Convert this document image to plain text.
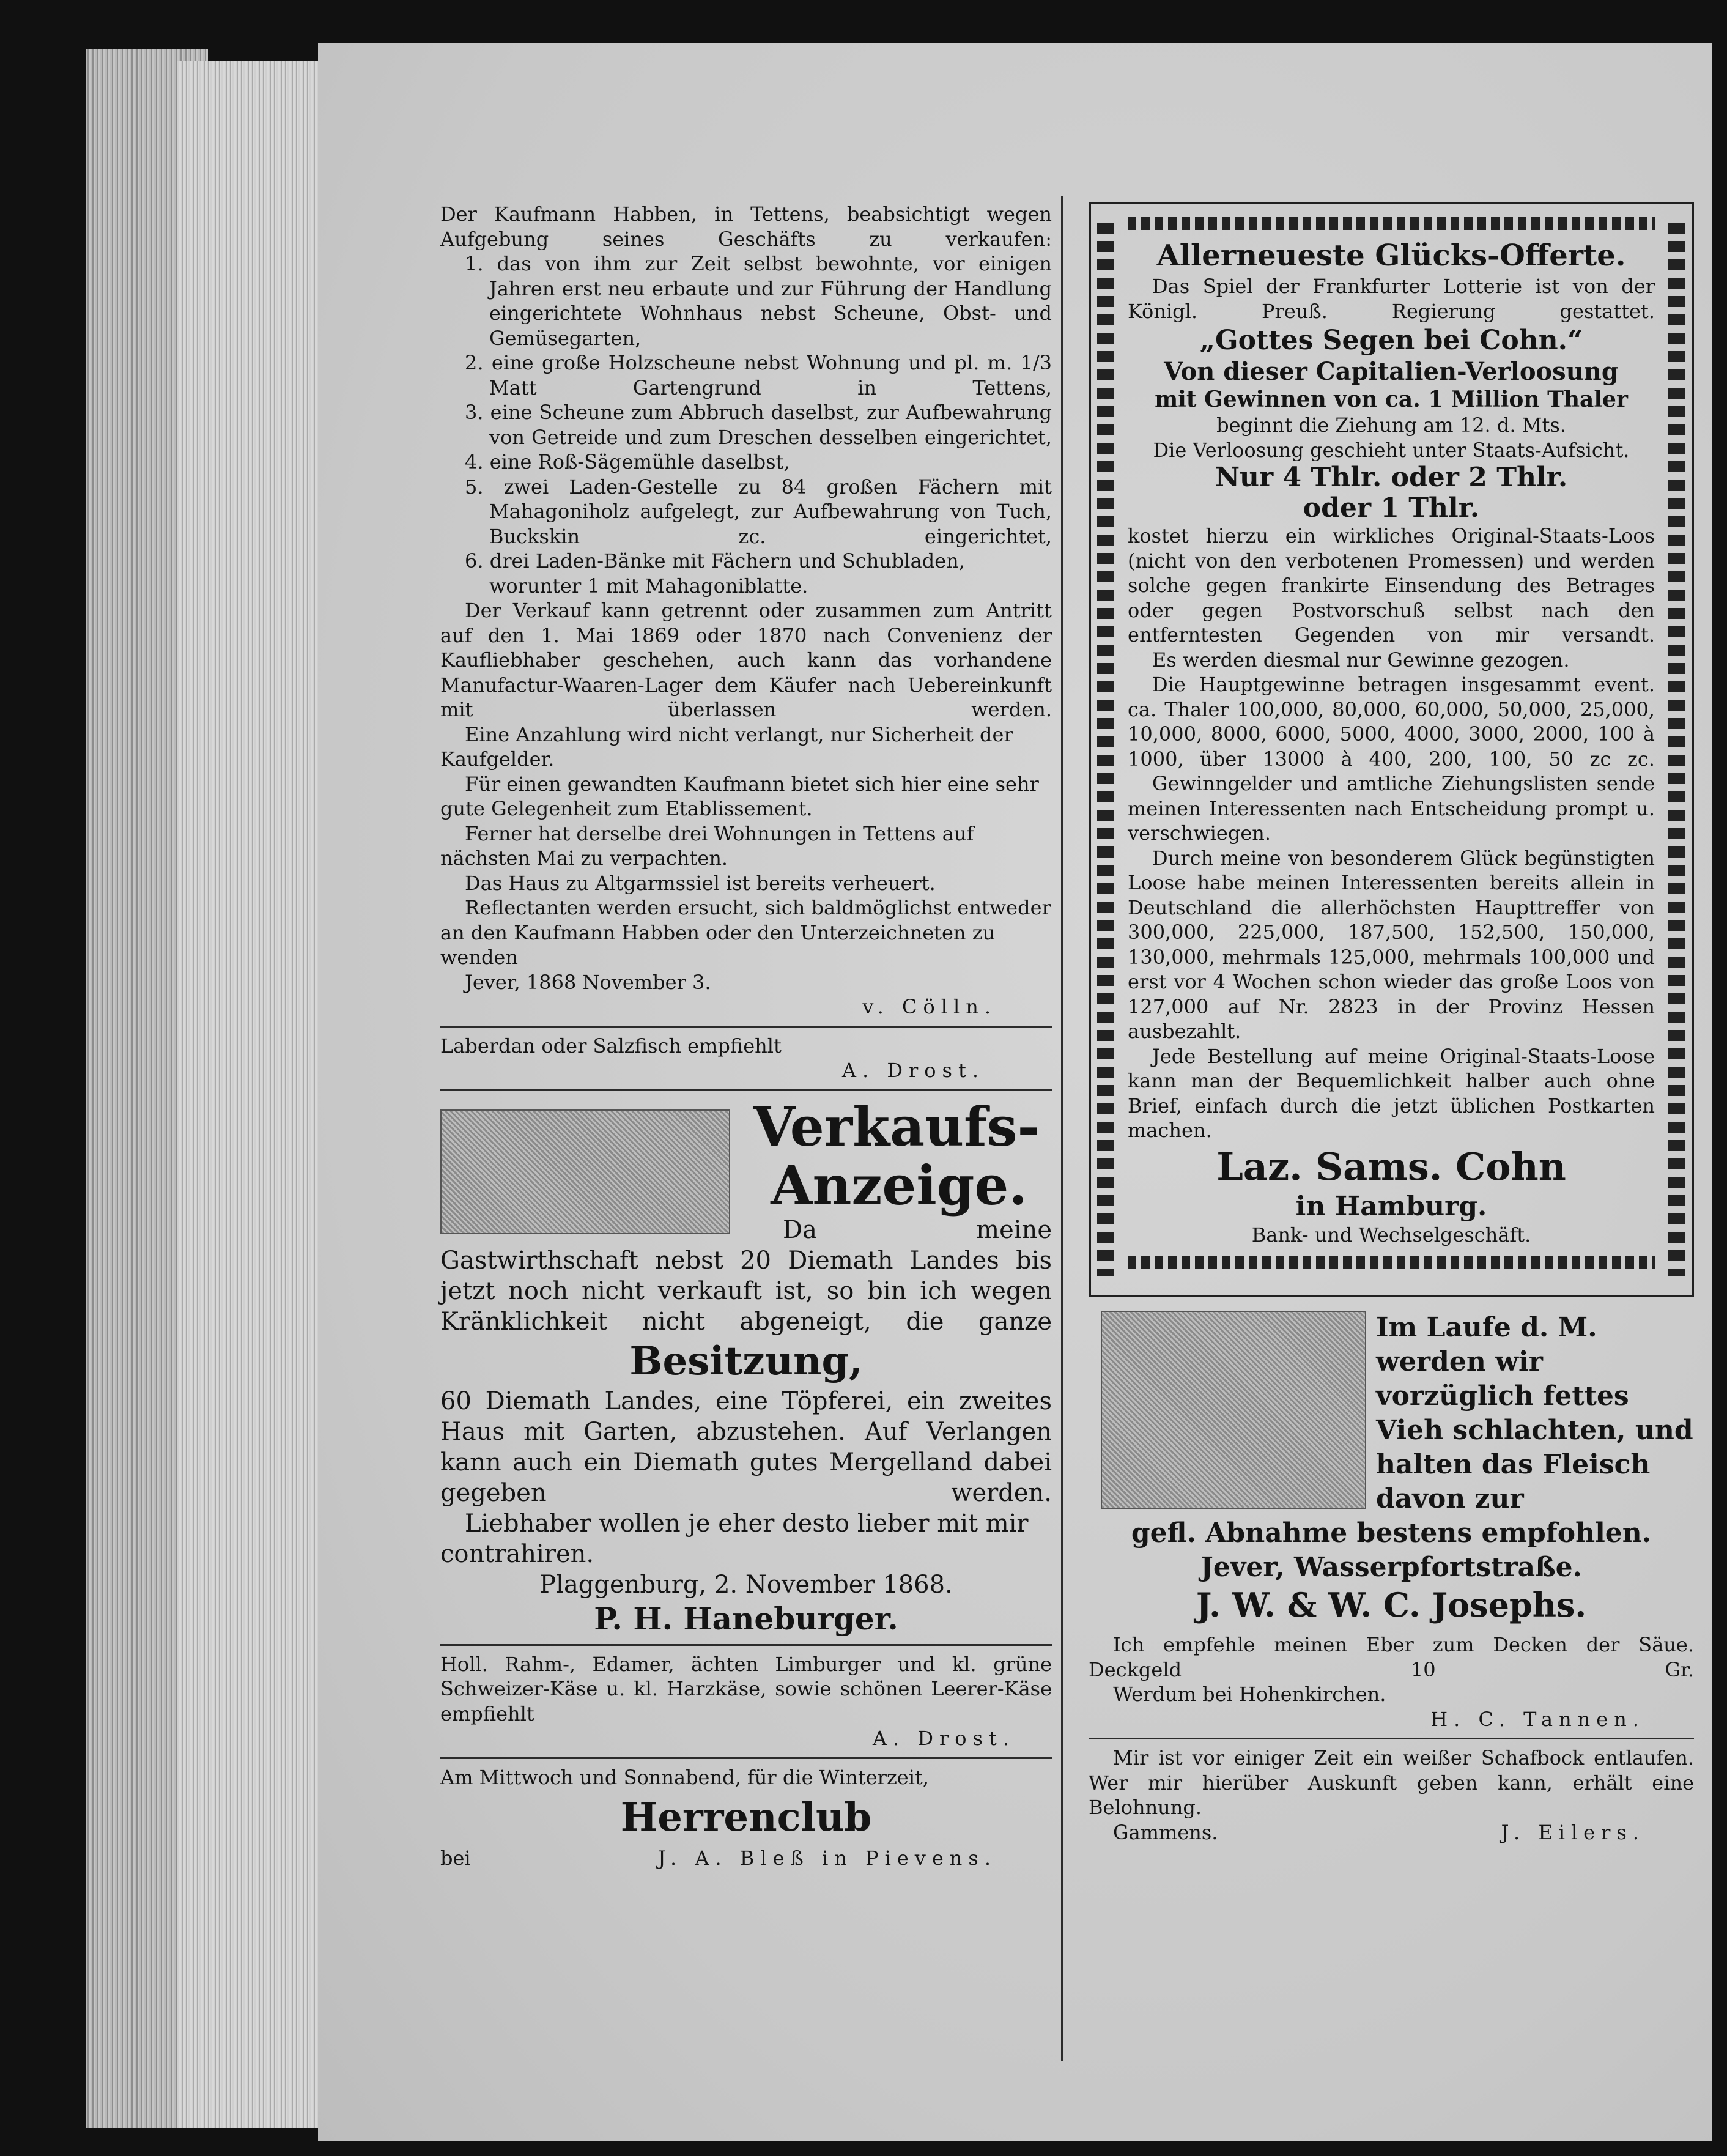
Der Kaufmann Habben, in Tettens, beabsichtigt wegen Aufgebung seines Geschäfts zu verkaufen:

1. das von ihm zur Zeit selbst bewohnte, vor einigen Jahren erst neu erbaute und zur Führung der Handlung eingerichtete Wohnhaus nebst Scheune, Obst- und Gemüsegarten,

2. eine große Holzscheune nebst Wohnung und pl. m. 1/3 Matt Gartengrund in Tettens,

3. eine Scheune zum Abbruch daselbst, zur Aufbewahrung von Getreide und zum Dreschen desselben eingerichtet,

4. eine Roß-Sägemühle daselbst,

5. zwei Laden-Gestelle zu 84 großen Fächern mit Mahagoniholz aufgelegt, zur Aufbewahrung von Tuch, Buckskin zc. eingerichtet,

6. drei Laden-Bänke mit Fächern und Schubladen, worunter 1 mit Mahagoniblatte.

Der Verkauf kann getrennt oder zusammen zum Antritt auf den 1. Mai 1869 oder 1870 nach Convenienz der Kaufliebhaber geschehen, auch kann das vorhandene Manufactur-Waaren-Lager dem Käufer nach Uebereinkunft mit überlassen werden.

Eine Anzahlung wird nicht verlangt, nur Sicherheit der Kaufgelder.

Für einen gewandten Kaufmann bietet sich hier eine sehr gute Gelegenheit zum Etablissement.

Ferner hat derselbe drei Wohnungen in Tettens auf nächsten Mai zu verpachten.

Das Haus zu Altgarmssiel ist bereits verheuert.

Reflectanten werden ersucht, sich baldmöglichst entweder an den Kaufmann Habben oder den Unterzeichneten zu wenden

Jever, 1868 November 3.

v. Cölln.

Laberdan oder Salzfisch empfiehlt

A. Drost.

Verkaufs-

Anzeige.

Da meine Gastwirthschaft nebst 20 Diemath Landes bis jetzt noch nicht verkauft ist, so bin ich wegen Kränklichkeit nicht abgeneigt, die ganze

Besitzung,

60 Diemath Landes, eine Töpferei, ein zweites Haus mit Garten, abzustehen. Auf Verlangen kann auch ein Diemath gutes Mergelland dabei gegeben werden.

Liebhaber wollen je eher desto lieber mit mir contrahiren.

Plaggenburg, 2. November 1868.

P. H. Haneburger.

Holl. Rahm-, Edamer, ächten Limburger und kl. grüne Schweizer-Käse u. kl. Harzkäse, sowie schönen Leerer-Käse empfiehlt

A. Drost.

Am Mittwoch und Sonnabend, für die Winterzeit,

Herrenclub

bei	J. A. Bleß in Pievens.

Allerneueste Glücks-Offerte.

Das Spiel der Frankfurter Lotterie ist von der Königl. Preuß. Regierung gestattet.

„Gottes Segen bei Cohn.“

Von dieser Capitalien-Verloosung

mit Gewinnen von ca. 1 Million Thaler

beginnt die Ziehung am 12. d. Mts.

Die Verloosung geschieht unter Staats-Aufsicht.

Nur 4 Thlr. oder 2 Thlr.

oder 1 Thlr.

kostet hierzu ein wirkliches Original-Staats-Loos (nicht von den verbotenen Promessen) und werden solche gegen frankirte Einsendung des Betrages oder gegen Postvorschuß selbst nach den entferntesten Gegenden von mir versandt.

Es werden diesmal nur Gewinne gezogen.

Die Hauptgewinne betragen insgesammt event. ca. Thaler 100,000, 80,000, 60,000, 50,000, 25,000, 10,000, 8000, 6000, 5000, 4000, 3000, 2000, 100 à 1000, über 13000 à 400, 200, 100, 50 zc zc.

Gewinngelder und amtliche Ziehungslisten sende meinen Interessenten nach Entscheidung prompt u. verschwiegen.

Durch meine von besonderem Glück begünstigten Loose habe meinen Interessenten bereits allein in Deutschland die allerhöchsten Haupttreffer von 300,000, 225,000, 187,500, 152,500, 150,000, 130,000, mehrmals 125,000, mehrmals 100,000 und erst vor 4 Wochen schon wieder das große Loos von 127,000 auf Nr. 2823 in der Provinz Hessen ausbezahlt.

Jede Bestellung auf meine Original-Staats-Loose kann man der Bequemlichkeit halber auch ohne Brief, einfach durch die jetzt üblichen Postkarten machen.

Laz. Sams. Cohn

in Hamburg.

Bank- und Wechselgeschäft.

Im Laufe d. M. werden wir vorzüglich fettes Vieh schlachten, und halten das Fleisch davon zur

gefl. Abnahme bestens empfohlen.

Jever, Wasserpfortstraße.

J. W. & W. C. Josephs.

Ich empfehle meinen Eber zum Decken der Säue. Deckgeld 10 Gr.

Werdum bei Hohenkirchen.

H. C. Tannen.

Mir ist vor einiger Zeit ein weißer Schafbock entlaufen. Wer mir hierüber Auskunft geben kann, erhält eine Belohnung.

Gammens.	J. Eilers.
